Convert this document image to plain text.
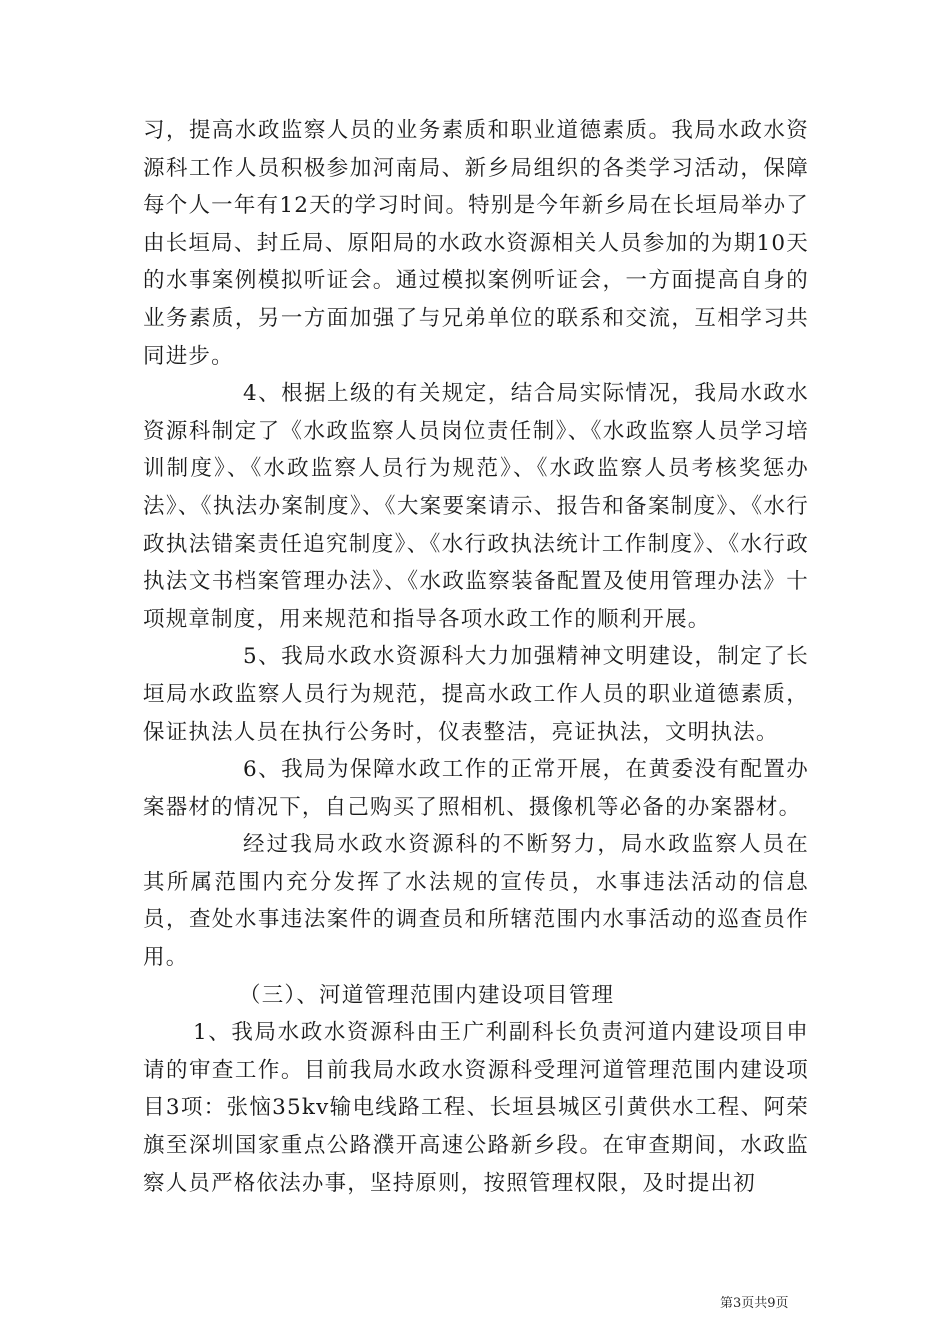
习，提高水政监察人员的业务素质和职业道德素质。我局水政水资源科工作人员积极参加河南局、新乡局组织的各类学习活动，保障每个人一年有12天的学习时间。特别是今年新乡局在长垣局举办了由长垣局、封丘局、原阳局的水政水资源相关人员参加的为期10天的水事案例模拟听证会。通过模拟案例听证会，一方面提高自身的业务素质，另一方面加强了与兄弟单位的联系和交流，互相学习共同进步。

4、根据上级的有关规定，结合局实际情况，我局水政水资源科制定了《水政监察人员岗位责任制》、《水政监察人员学习培训制度》、《水政监察人员行为规范》、《水政监察人员考核奖惩办法》、《执法办案制度》、《大案要案请示、报告和备案制度》、《水行政执法错案责任追究制度》、《水行政执法统计工作制度》、《水行政执法文书档案管理办法》、《水政监察装备配置及使用管理办法》十项规章制度，用来规范和指导各项水政工作的顺利开展。

5、我局水政水资源科大力加强精神文明建设，制定了长垣局水政监察人员行为规范，提高水政工作人员的职业道德素质，保证执法人员在执行公务时，仪表整洁，亮证执法，文明执法。

6、我局为保障水政工作的正常开展，在黄委没有配置办案器材的情况下，自己购买了照相机、摄像机等必备的办案器材。

经过我局水政水资源科的不断努力，局水政监察人员在其所属范围内充分发挥了水法规的宣传员，水事违法活动的信息员，查处水事违法案件的调查员和所辖范围内水事活动的巡查员作用。

（三）、河道管理范围内建设项目管理

1、我局水政水资源科由王广利副科长负责河道内建设项目申请的审查工作。目前我局水政水资源科受理河道管理范围内建设项目3项：张恼35kv输电线路工程、长垣县城区引黄供水工程、阿荣旗至深圳国家重点公路濮开高速公路新乡段。在审查期间，水政监察人员严格依法办事，坚持原则，按照管理权限，及时提出初

第3页共9页
